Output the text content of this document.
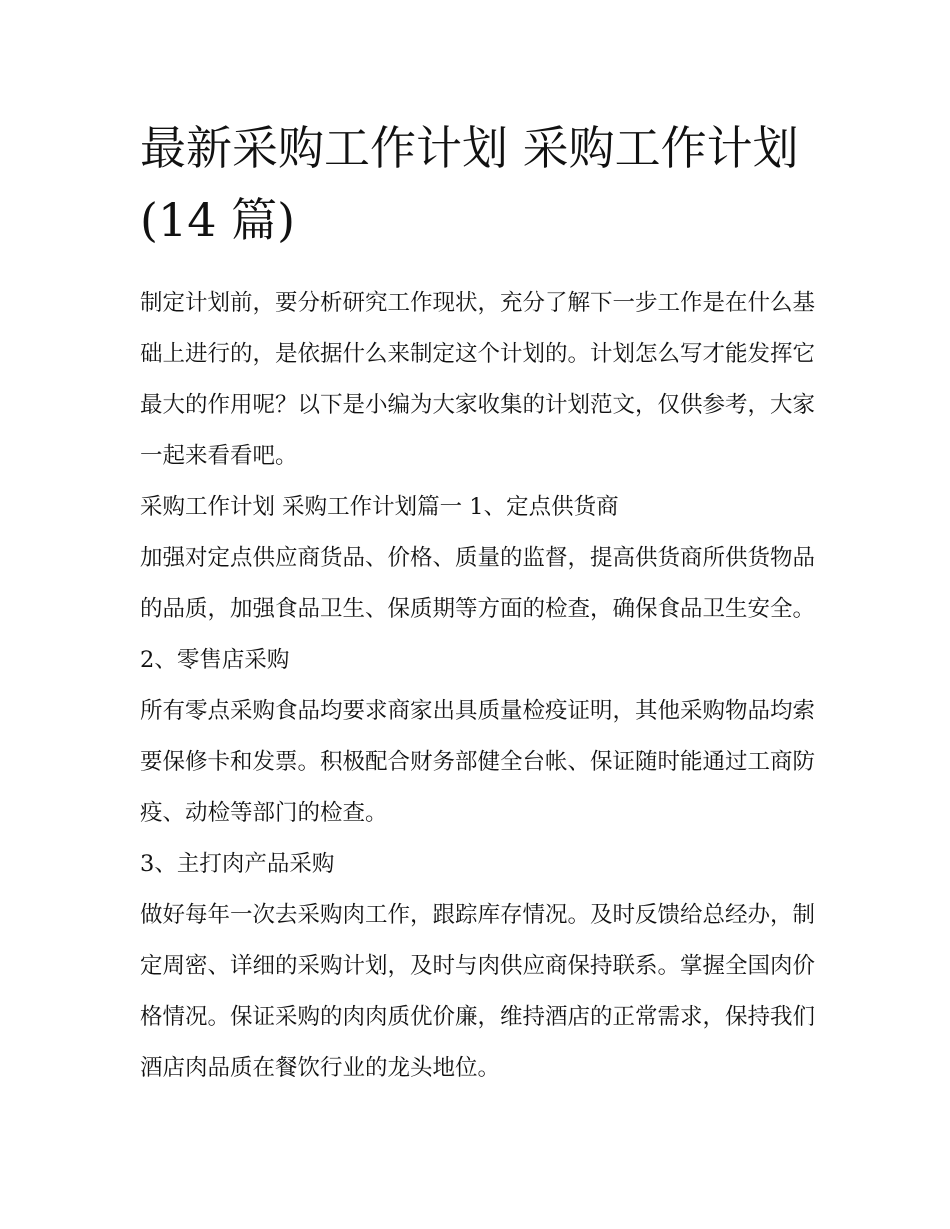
最新采购工作计划 采购工作计划(14 篇)

制定计划前，要分析研究工作现状，充分了解下一步工作是在什么基础上进行的，是依据什么来制定这个计划的。计划怎么写才能发挥它最大的作用呢？以下是小编为大家收集的计划范文，仅供参考，大家一起来看看吧。

采购工作计划 采购工作计划篇一 1、定点供货商

加强对定点供应商货品、价格、质量的监督，提高供货商所供货物品的品质，加强食品卫生、保质期等方面的检查，确保食品卫生安全。 2、零售店采购

所有零点采购食品均要求商家出具质量检疫证明，其他采购物品均索要保修卡和发票。积极配合财务部健全台帐、保证随时能通过工商防疫、动检等部门的检查。

3、主打肉产品采购

做好每年一次去采购肉工作，跟踪库存情况。及时反馈给总经办，制定周密、详细的采购计划，及时与肉供应商保持联系。掌握全国肉价格情况。保证采购的肉肉质优价廉，维持酒店的正常需求，保持我们酒店肉品质在餐饮行业的龙头地位。
